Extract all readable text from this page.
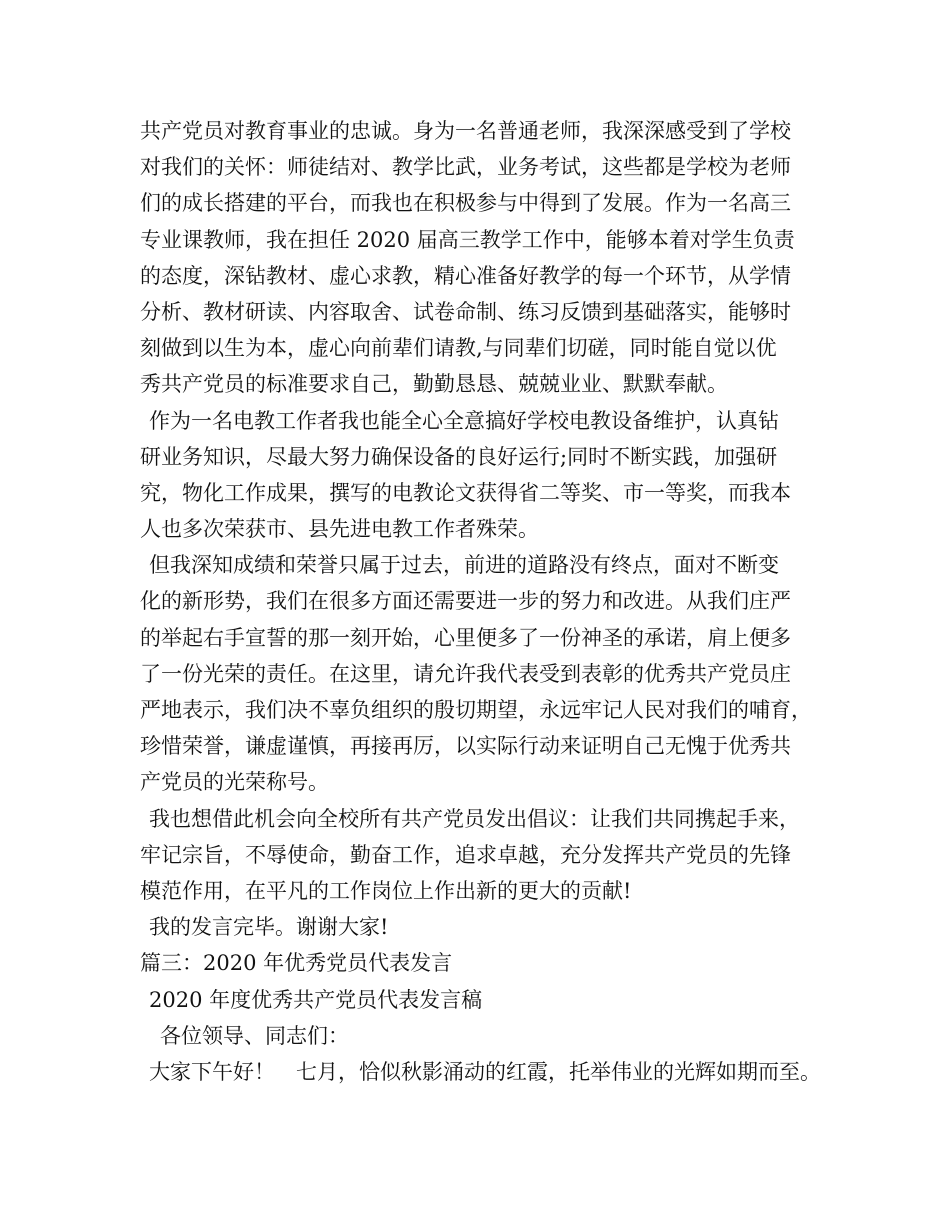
共产党员对教育事业的忠诚。身为一名普通老师，我深深感受到了学校
对我们的关怀：师徒结对、教学比武，业务考试，这些都是学校为老师
们的成长搭建的平台，而我也在积极参与中得到了发展。作为一名高三
专业课教师，我在担任 2020 届高三教学工作中，能够本着对学生负责
的态度，深钻教材、虚心求教，精心准备好教学的每一个环节，从学情
分析、教材研读、内容取舍、试卷命制、练习反馈到基础落实，能够时
刻做到以生为本，虚心向前辈们请教,与同辈们切磋，同时能自觉以优
秀共产党员的标准要求自己，勤勤恳恳、兢兢业业、默默奉献。
作为一名电教工作者我也能全心全意搞好学校电教设备维护，认真钻
研业务知识，尽最大努力确保设备的良好运行;同时不断实践，加强研
究，物化工作成果，撰写的电教论文获得省二等奖、市一等奖，而我本
人也多次荣获市、县先进电教工作者殊荣。
但我深知成绩和荣誉只属于过去，前进的道路没有终点，面对不断变
化的新形势，我们在很多方面还需要进一步的努力和改进。从我们庄严
的举起右手宣誓的那一刻开始，心里便多了一份神圣的承诺，肩上便多
了一份光荣的责任。在这里，请允许我代表受到表彰的优秀共产党员庄
严地表示，我们决不辜负组织的殷切期望，永远牢记人民对我们的哺育，
珍惜荣誉，谦虚谨慎，再接再厉，以实际行动来证明自己无愧于优秀共
产党员的光荣称号。
我也想借此机会向全校所有共产党员发出倡议：让我们共同携起手来，
牢记宗旨，不辱使命，勤奋工作，追求卓越，充分发挥共产党员的先锋
模范作用，在平凡的工作岗位上作出新的更大的贡献!
我的发言完毕。谢谢大家!
篇三：2020 年优秀党员代表发言
2020 年度优秀共产党员代表发言稿
各位领导、同志们：
大家下午好！　七月，恰似秋影涌动的红霞，托举伟业的光辉如期而至。
